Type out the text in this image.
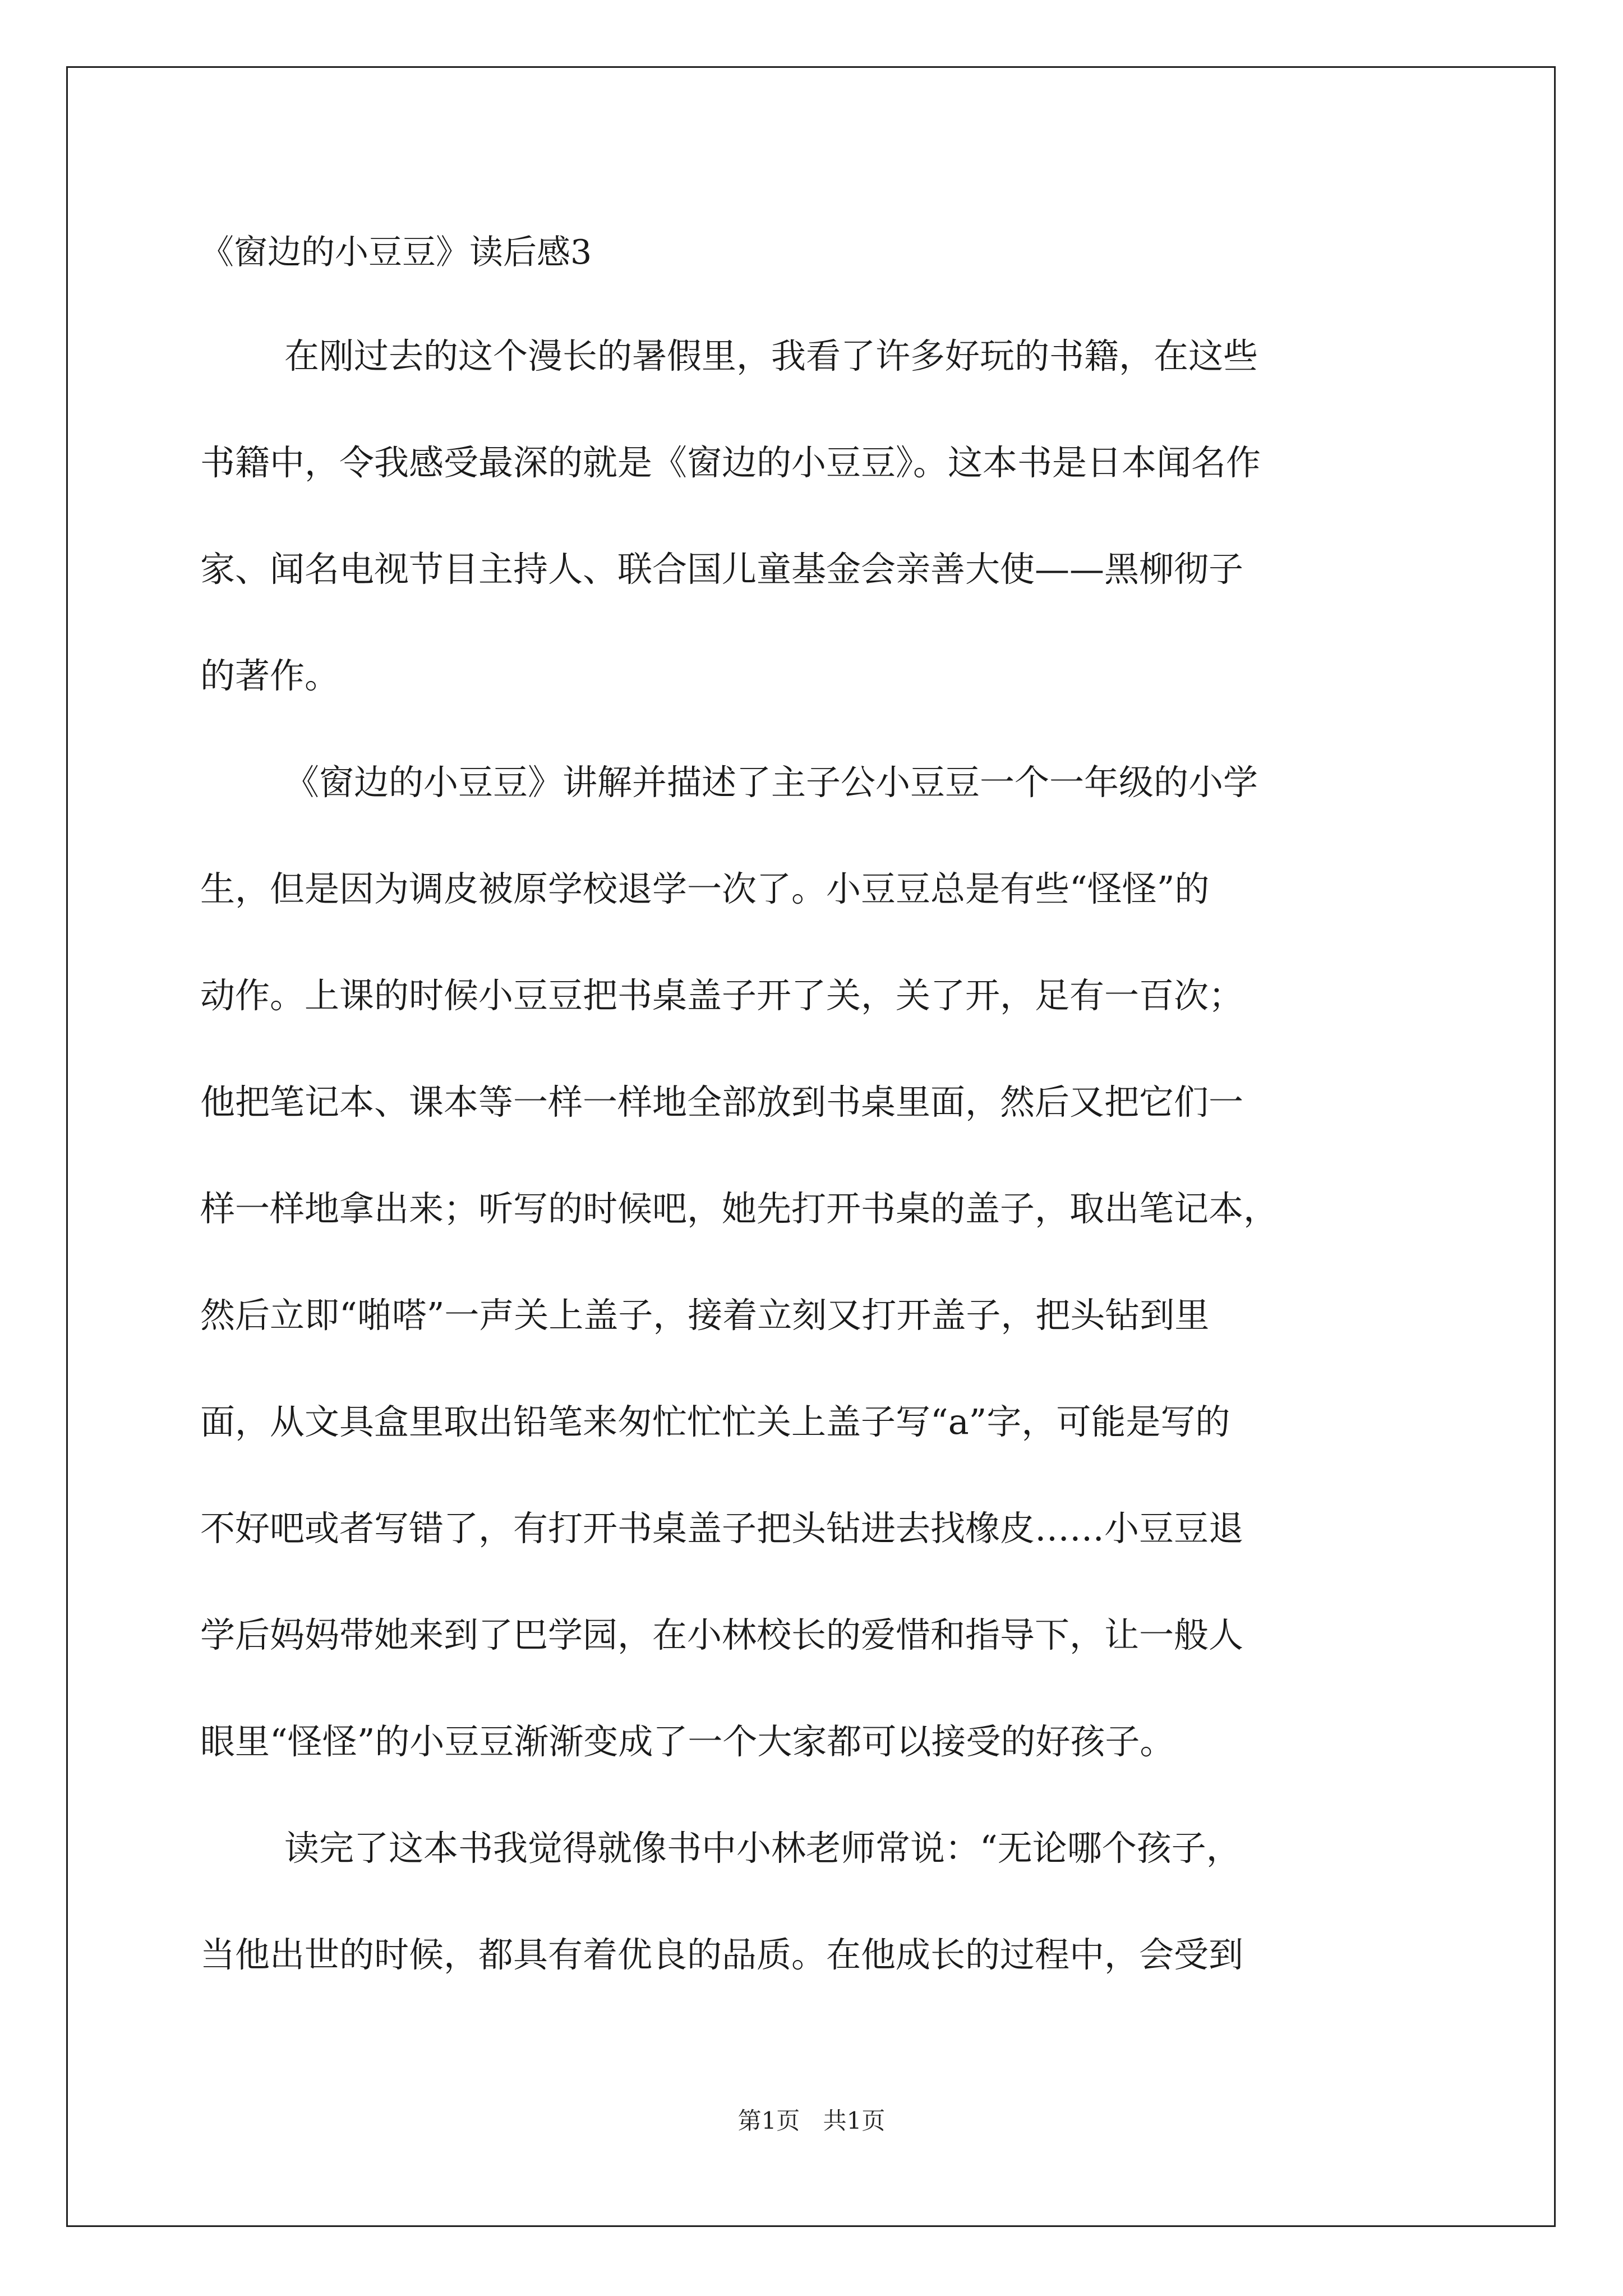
《窗边的小豆豆》读后感3
在刚过去的这个漫长的暑假里，我看了许多好玩的书籍，在这些
书籍中，令我感受最深的就是《窗边的小豆豆》。这本书是日本闻名作
家、闻名电视节目主持人、联合国儿童基金会亲善大使——黑柳彻子
的著作。
《窗边的小豆豆》讲解并描述了主子公小豆豆一个一年级的小学
生，但是因为调皮被原学校退学一次了。小豆豆总是有些“怪怪”的
动作。上课的时候小豆豆把书桌盖子开了关，关了开，足有一百次；
他把笔记本、课本等一样一样地全部放到书桌里面，然后又把它们一
样一样地拿出来；听写的时候吧，她先打开书桌的盖子，取出笔记本，
然后立即“啪嗒”一声关上盖子，接着立刻又打开盖子，把头钻到里
面，从文具盒里取出铅笔来匆忙忙忙关上盖子写“a”字，可能是写的
不好吧或者写错了，有打开书桌盖子把头钻进去找橡皮……小豆豆退
学后妈妈带她来到了巴学园，在小林校长的爱惜和指导下，让一般人
眼里“怪怪”的小豆豆渐渐变成了一个大家都可以接受的好孩子。
读完了这本书我觉得就像书中小林老师常说：“无论哪个孩子，
当他出世的时候，都具有着优良的品质。在他成长的过程中，会受到
第1页 共1页
